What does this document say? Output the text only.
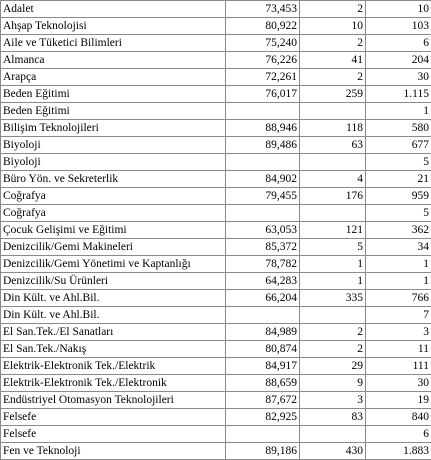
Adalet	73,453	2	10
Ahşap Teknolojisi	80,922	10	103
Aile ve Tüketici Bilimleri	75,240	2	6
Almanca	76,226	41	204
Arapça	72,261	2	30
Beden Eğitimi	76,017	259	1.115
Beden Eğitimi			1
Bilişim Teknolojileri	88,946	118	580
Biyoloji	89,486	63	677
Biyoloji			5
Büro Yön. ve Sekreterlik	84,902	4	21
Coğrafya	79,455	176	959
Coğrafya			5
Çocuk Gelişimi ve Eğitimi	63,053	121	362
Denizcilik/Gemi Makineleri	85,372	5	34
Denizcilik/Gemi Yönetimi ve Kaptanlığı	78,782	1	1
Denizcilik/Su Ürünleri	64,283	1	1
Din Kült. ve Ahl.Bil.	66,204	335	766
Din Kült. ve Ahl.Bil.			7
El San.Tek./El Sanatları	84,989	2	3
El San.Tek./Nakış	80,874	2	11
Elektrik-Elektronik Tek./Elektrik	84,917	29	111
Elektrik-Elektronik Tek./Elektronik	88,659	9	30
Endüstriyel Otomasyon Teknolojileri	87,672	3	19
Felsefe	82,925	83	840
Felsefe			6
Fen ve Teknoloji	89,186	430	1.883
